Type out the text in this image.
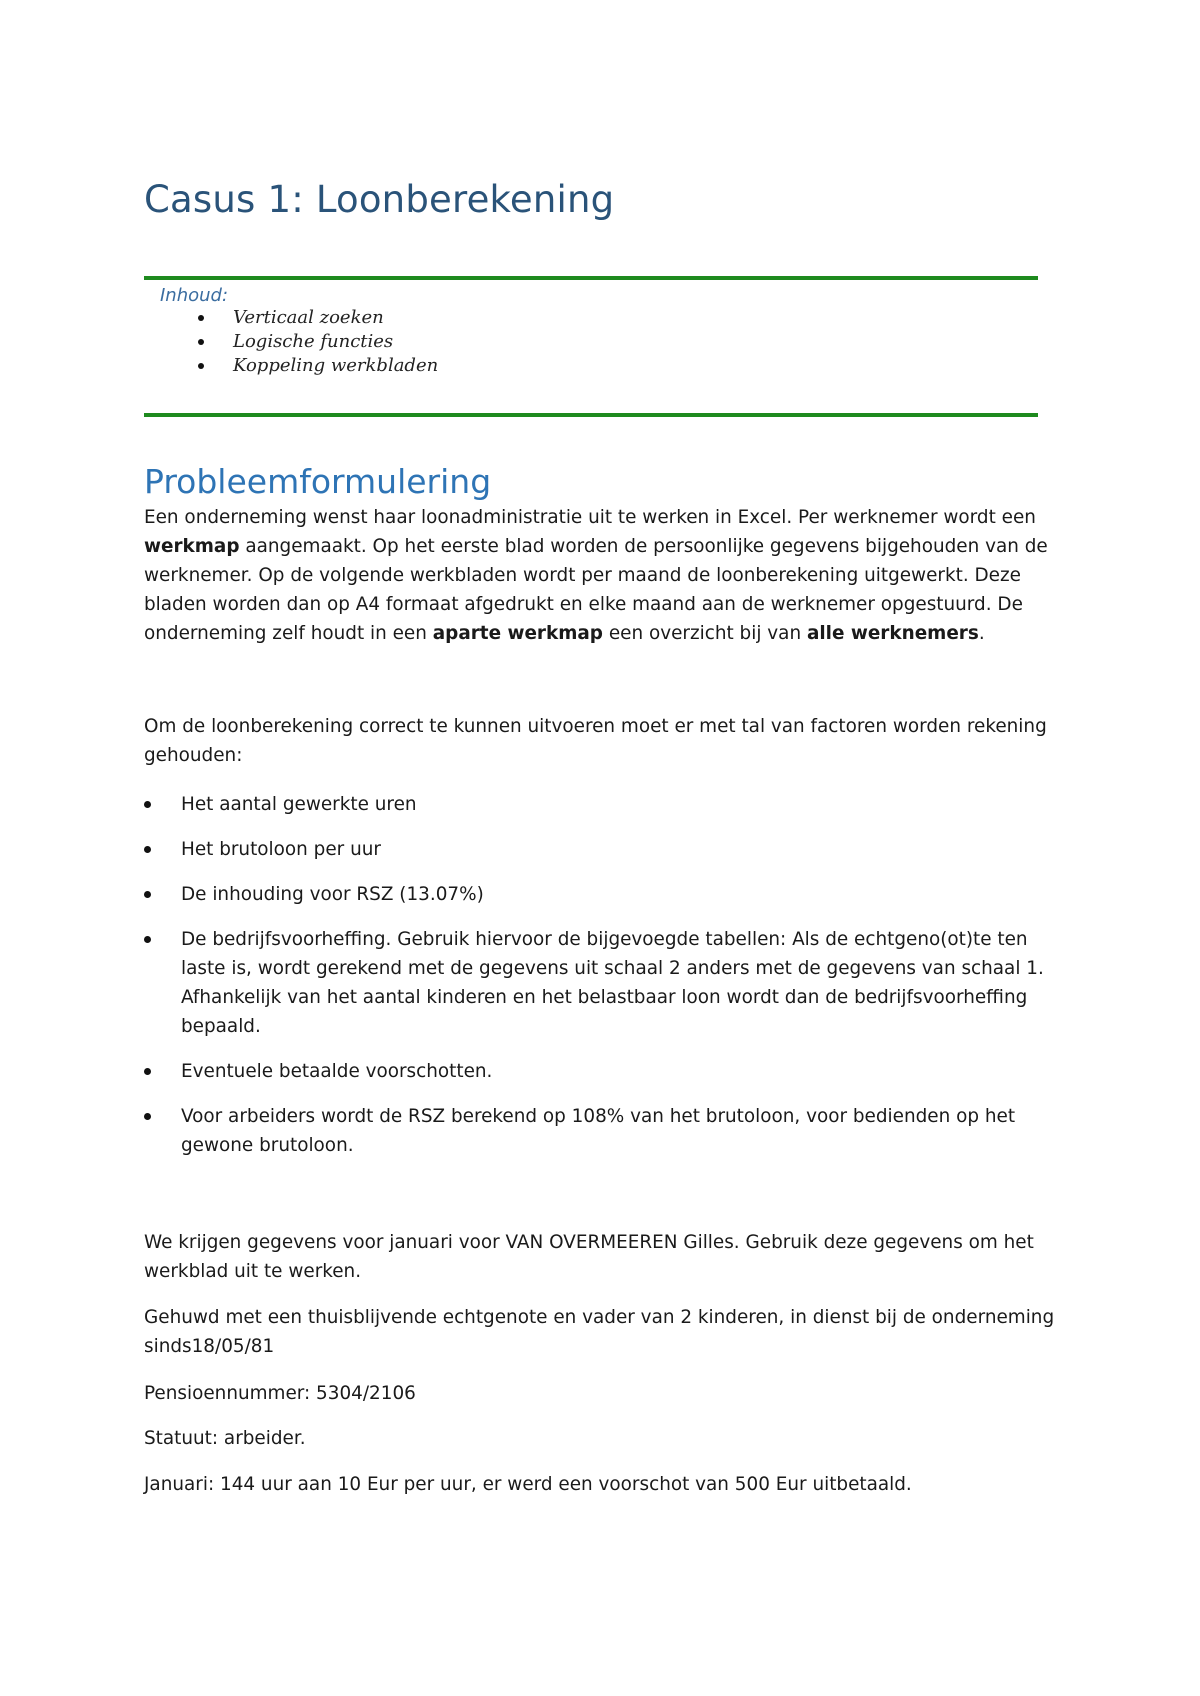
Casus 1: Loonberekening
Inhoud:
Verticaal zoeken
Logische functies
Koppeling werkbladen
Probleemformulering

Een onderneming wenst haar loonadministratie uit te werken in Excel. Per werknemer wordt een werkmap aangemaakt. Op het eerste blad worden de persoonlijke gegevens bijgehouden van de werknemer. Op de volgende werkbladen wordt per maand de loonberekening uitgewerkt. Deze bladen worden dan op A4 formaat afgedrukt en elke maand aan de werknemer opgestuurd. De onderneming zelf houdt in een aparte werkmap een overzicht bij van alle werknemers.

Om de loonberekening correct te kunnen uitvoeren moet er met tal van factoren worden rekening gehouden:

Het aantal gewerkte uren
Het brutoloon per uur
De inhouding voor RSZ (13.07%)
De bedrijfsvoorheffing. Gebruik hiervoor de bijgevoegde tabellen: Als de echtgeno(ot)te ten laste is, wordt gerekend met de gegevens uit schaal 2 anders met de gegevens van schaal 1. Afhankelijk van het aantal kinderen en het belastbaar loon wordt dan de bedrijfsvoorheffing bepaald.
Eventuele betaalde voorschotten.
Voor arbeiders wordt de RSZ berekend op 108% van het brutoloon, voor bedienden op het gewone brutoloon.

We krijgen gegevens voor januari voor VAN OVERMEEREN Gilles. Gebruik deze gegevens om het werkblad uit te werken.

Gehuwd met een thuisblijvende echtgenote en vader van 2 kinderen, in dienst bij de onderneming sinds18/05/81

Pensioennummer: 5304/2106

Statuut: arbeider.

Januari: 144 uur aan 10 Eur per uur, er werd een voorschot van 500 Eur uitbetaald.
